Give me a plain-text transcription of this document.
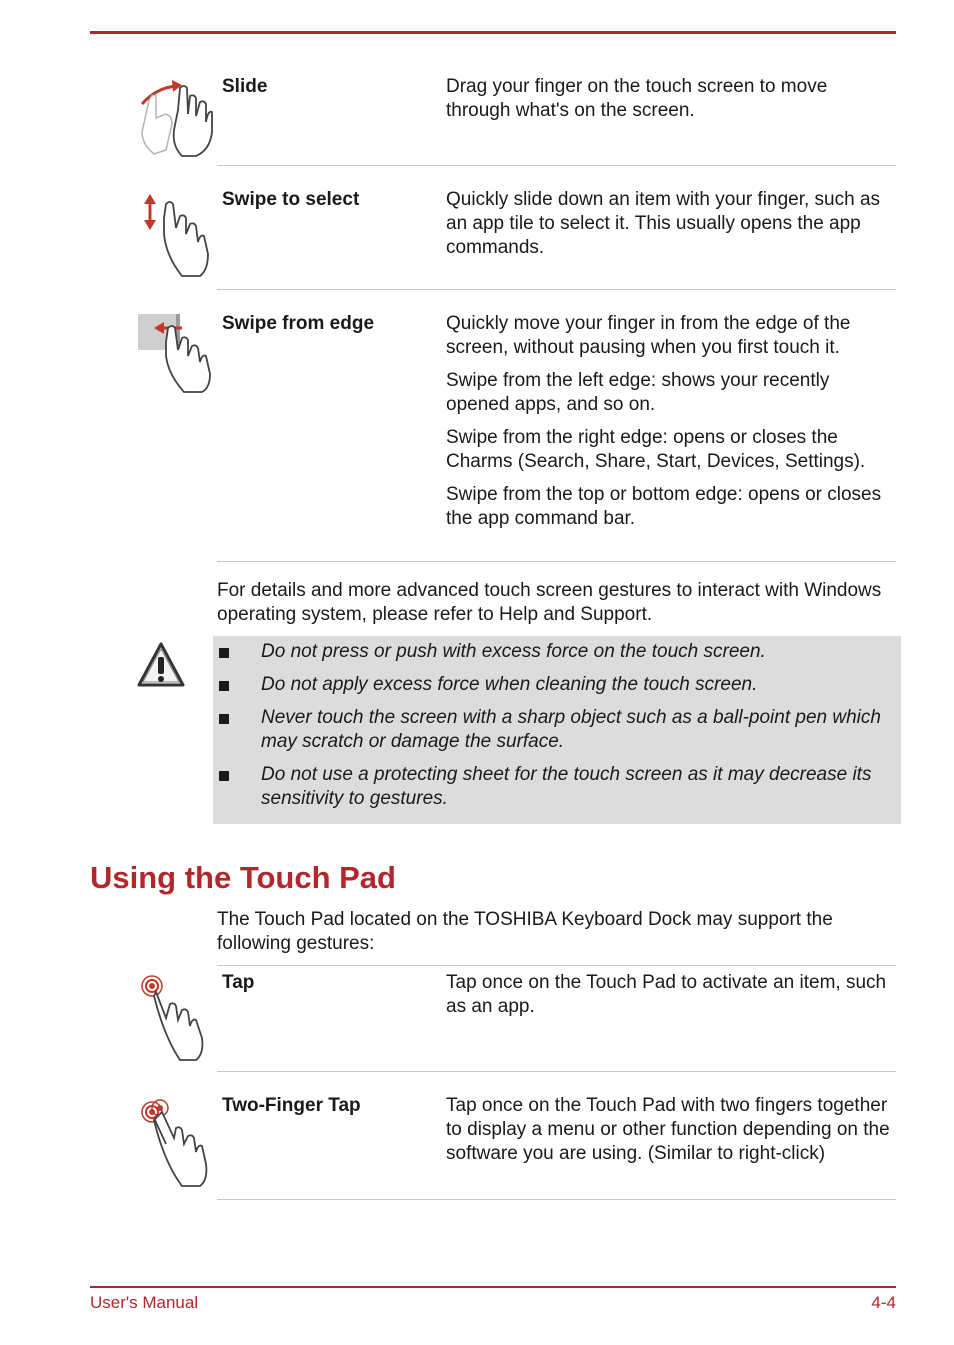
Slide	Drag your finger on the touch screen to move through what's on the screen.

Swipe to select	Quickly slide down an item with your finger, such as an app tile to select it. This usually opens the app commands.

Swipe from edge	Quickly move your finger in from the edge of the screen, without pausing when you first touch it.

Swipe from the left edge: shows your recently opened apps, and so on.

Swipe from the right edge: opens or closes the Charms (Search, Share, Start, Devices, Settings).

Swipe from the top or bottom edge: opens or closes the app command bar.

For details and more advanced touch screen gestures to interact with Windows operating system, please refer to Help and Support.
Do not press or push with excess force on the touch screen.
Do not apply excess force when cleaning the touch screen.
Never touch the screen with a sharp object such as a ball-point pen which may scratch or damage the surface.
Do not use a protecting sheet for the touch screen as it may decrease its sensitivity to gestures.
Using the Touch Pad
The Touch Pad located on the TOSHIBA Keyboard Dock may support the following gestures:
Tap	Tap once on the Touch Pad to activate an item, such as an app.

Two-Finger Tap	Tap once on the Touch Pad with two fingers together to display a menu or other function depending on the software you are using. (Similar to right-click)

User's Manual	4-4
